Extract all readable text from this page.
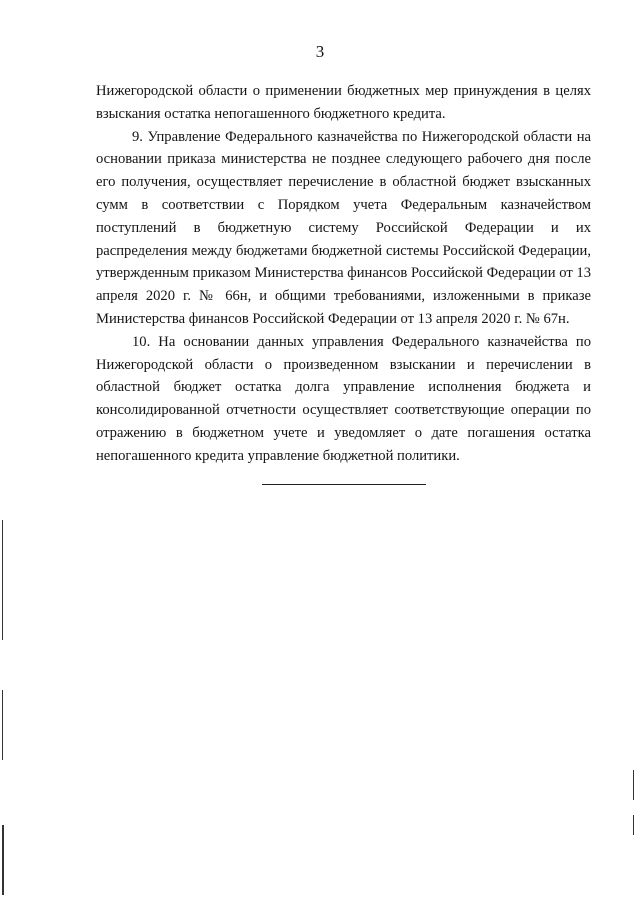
3

Нижегородской области о применении бюджетных мер принуждения в целях взыскания остатка непогашенного бюджетного кредита.

9. Управление Федерального казначейства по Нижегородской области на основании приказа министерства не позднее следующего рабочего дня после его получения, осуществляет перечисление в областной бюджет взысканных сумм в соответствии с Порядком учета Федеральным казначейством поступлений в бюджетную систему Российской Федерации и их распределения между бюджетами бюджетной системы Российской Федерации, утвержденным приказом Министерства финансов Российской Федерации от 13 апреля 2020 г. № 66н, и общими требованиями, изложенными в приказе Министерства финансов Российской Федерации от 13 апреля 2020 г. № 67н.

10. На основании данных управления Федерального казначейства по Нижегородской области о произведенном взыскании и перечислении в областной бюджет остатка долга управление исполнения бюджета и консолидированной отчетности осуществляет соответствующие операции по отражению в бюджетном учете и уведомляет о дате погашения остатка непогашенного кредита управление бюджетной политики.
